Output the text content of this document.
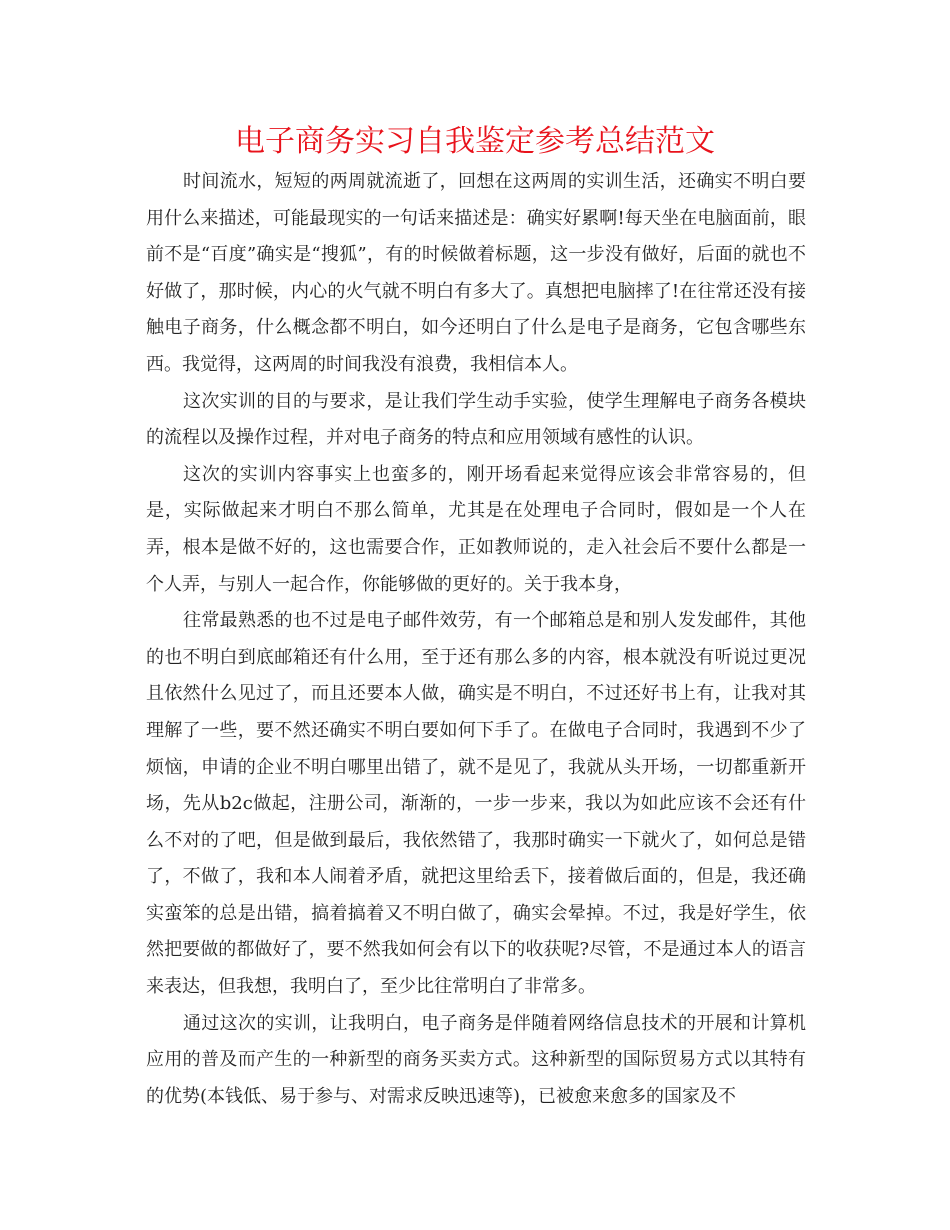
电子商务实习自我鉴定参考总结范文

时间流水，短短的两周就流逝了，回想在这两周的实训生活，还确实不明白要用什么来描述，可能最现实的一句话来描述是：确实好累啊!每天坐在电脑面前，眼前不是“百度”确实是“搜狐”，有的时候做着标题，这一步没有做好，后面的就也不好做了，那时候，内心的火气就不明白有多大了。真想把电脑摔了!在往常还没有接触电子商务，什么概念都不明白，如今还明白了什么是电子是商务，它包含哪些东西。我觉得，这两周的时间我没有浪费，我相信本人。

这次实训的目的与要求，是让我们学生动手实验，使学生理解电子商务各模块的流程以及操作过程，并对电子商务的特点和应用领域有感性的认识。

这次的实训内容事实上也蛮多的，刚开场看起来觉得应该会非常容易的，但是，实际做起来才明白不那么简单，尤其是在处理电子合同时，假如是一个人在弄，根本是做不好的，这也需要合作，正如教师说的，走入社会后不要什么都是一个人弄，与别人一起合作，你能够做的更好的。关于我本身，

往常最熟悉的也不过是电子邮件效劳，有一个邮箱总是和别人发发邮件，其他的也不明白到底邮箱还有什么用，至于还有那么多的内容，根本就没有听说过更况且依然什么见过了，而且还要本人做，确实是不明白，不过还好书上有，让我对其理解了一些，要不然还确实不明白要如何下手了。在做电子合同时，我遇到不少了烦恼，申请的企业不明白哪里出错了，就不是见了，我就从头开场，一切都重新开场，先从b2c做起，注册公司，渐渐的，一步一步来，我以为如此应该不会还有什么不对的了吧，但是做到最后，我依然错了，我那时确实一下就火了，如何总是错了，不做了，我和本人闹着矛盾，就把这里给丢下，接着做后面的，但是，我还确实蛮笨的总是出错，搞着搞着又不明白做了，确实会晕掉。不过，我是好学生，依然把要做的都做好了，要不然我如何会有以下的收获呢?尽管，不是通过本人的语言来表达，但我想，我明白了，至少比往常明白了非常多。

通过这次的实训，让我明白，电子商务是伴随着网络信息技术的开展和计算机应用的普及而产生的一种新型的商务买卖方式。这种新型的国际贸易方式以其特有的优势(本钱低、易于参与、对需求反映迅速等)，已被愈来愈多的国家及不
